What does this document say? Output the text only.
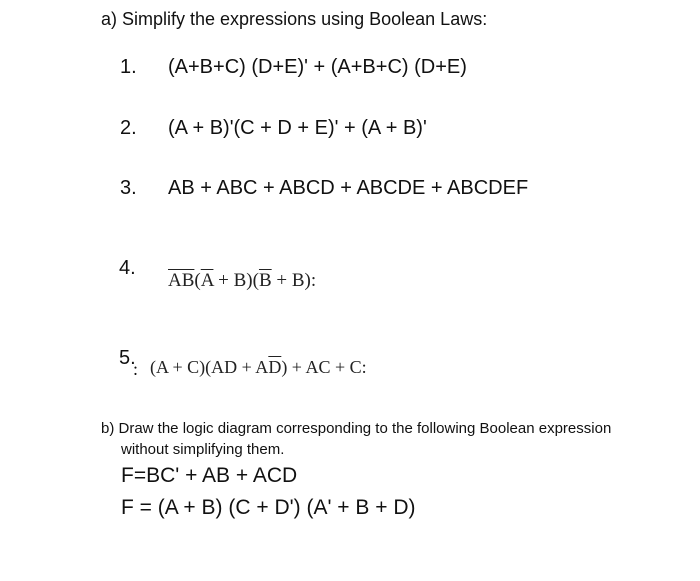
a) Simplify the expressions using Boolean Laws:
1. (A+B+C) (D+E)' + (A+B+C) (D+E)
2. (A + B)'(C + D + E)' + (A + B)'
3. AB + ABC + ABCD + ABCDE + ABCDEF
4.
$\overline{AB}(\overline{A} + B)(\overline{B} + B)$:
5.
: $(A + C)(AD + A\overline{D})$ + AC + C:
b) Draw the logic diagram corresponding to the following Boolean expression
without simplifying them.
F=BC' + AB + ACD
F = (A + B) (C + D') (A' + B + D)
